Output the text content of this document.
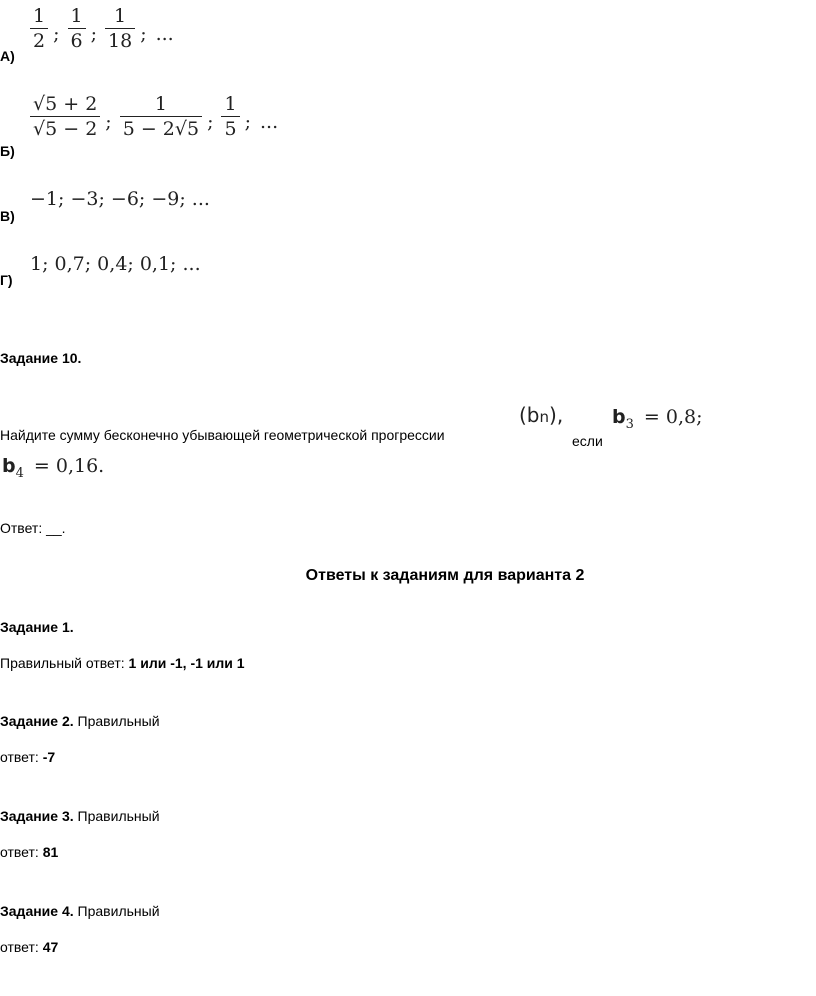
А)
$\frac{1}{2}$ ; $\frac{1}{6}$ ; $\frac{1}{18}$ ; ...
Б)
$\frac{√5 + 2}{√5 - 2}$ ; $\frac{1}{5 - 2√5}$ ; $\frac{1}{5}$ ; ...
В)
−1; −3; −6; −9; ...
Г)
1; 0,7; 0,4; 0,1; ...
Задание 10.
Найдите сумму бесконечно убывающей геометрической прогрессии
(bn),
если
$b_3 = 0,8$;
$b_4 = 0,16$.
Ответ: __.
Ответы к заданиям для варианта 2
Задание 1.
Правильный ответ: 1 или -1, -1 или 1
Задание 2. Правильный
ответ: -7
Задание 3. Правильный
ответ: 81
Задание 4. Правильный
ответ: 47
